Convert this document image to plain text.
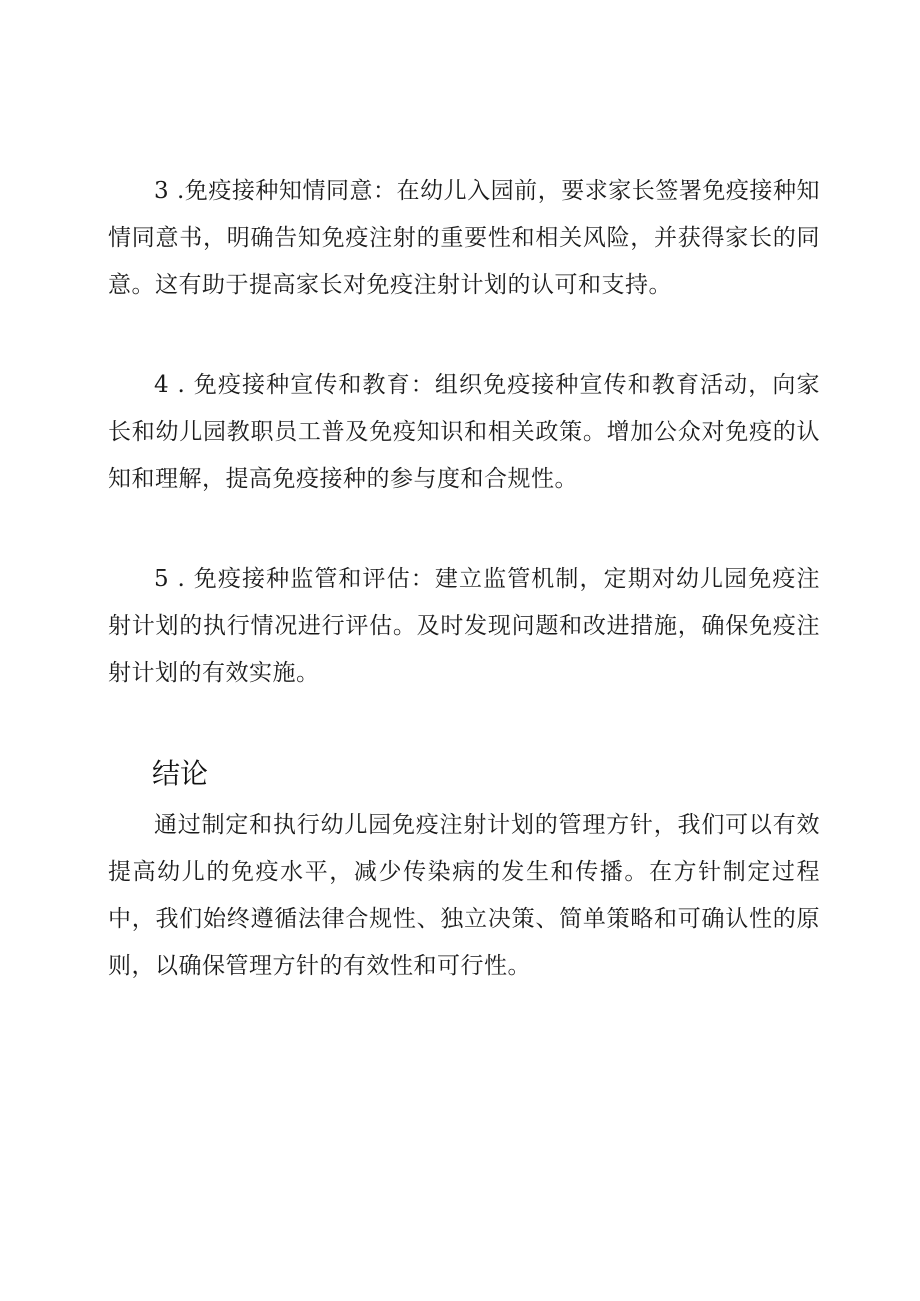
3 .免疫接种知情同意：在幼儿入园前，要求家长签署免疫接种知情同意书，明确告知免疫注射的重要性和相关风险，并获得家长的同意。这有助于提高家长对免疫注射计划的认可和支持。

4 . 免疫接种宣传和教育：组织免疫接种宣传和教育活动，向家长和幼儿园教职员工普及免疫知识和相关政策。增加公众对免疫的认知和理解，提高免疫接种的参与度和合规性。

5 . 免疫接种监管和评估：建立监管机制，定期对幼儿园免疫注射计划的执行情况进行评估。及时发现问题和改进措施，确保免疫注射计划的有效实施。

结论

通过制定和执行幼儿园免疫注射计划的管理方针，我们可以有效提高幼儿的免疫水平，减少传染病的发生和传播。在方针制定过程中，我们始终遵循法律合规性、独立决策、简单策略和可确认性的原则，以确保管理方针的有效性和可行性。
